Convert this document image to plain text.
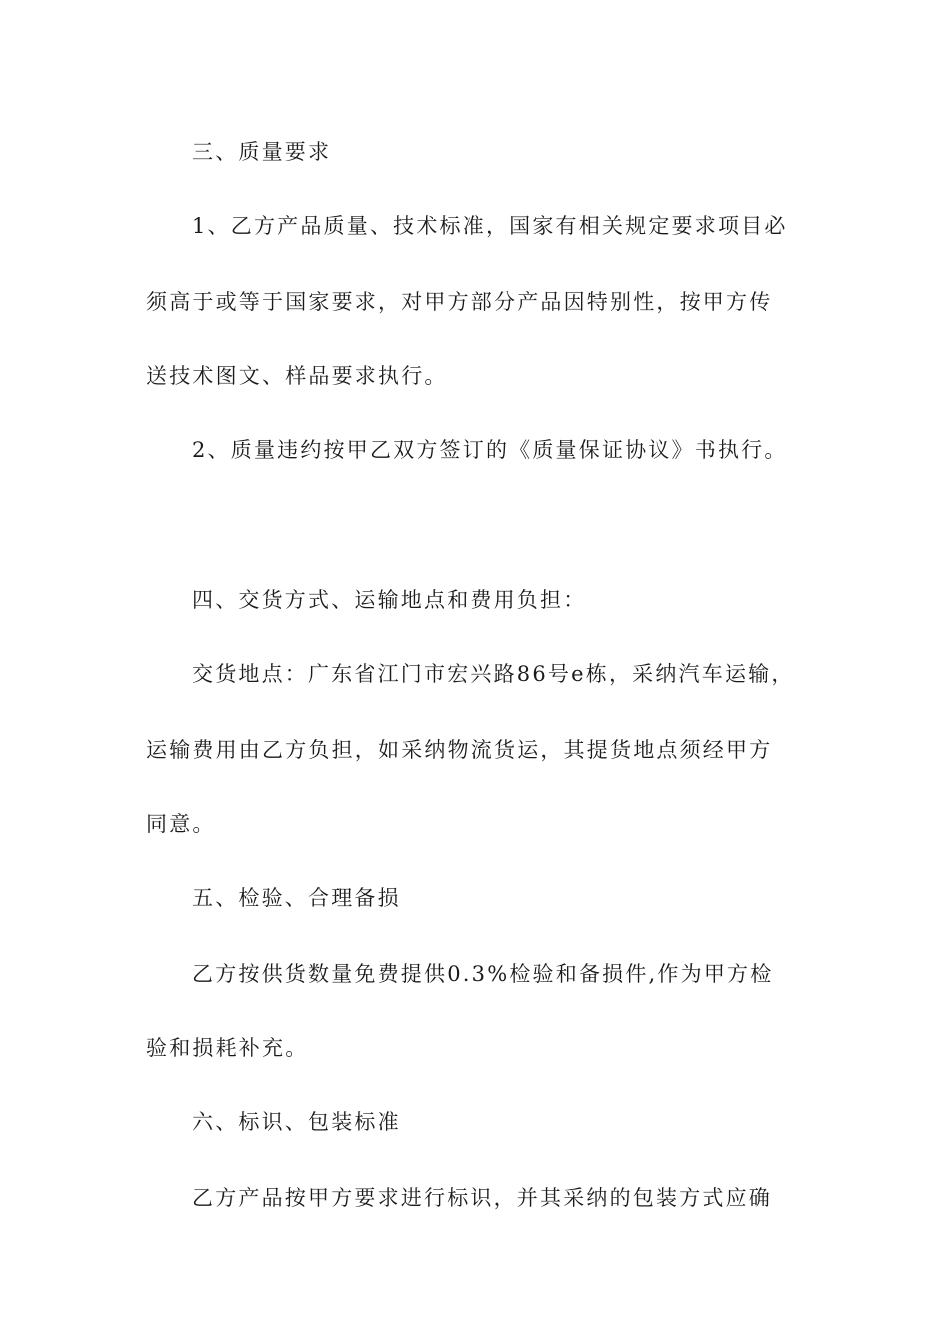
三、质量要求
1、乙方产品质量、技术标准，国家有相关规定要求项目必
须高于或等于国家要求，对甲方部分产品因特别性，按甲方传
送技术图文、样品要求执行。
2、质量违约按甲乙双方签订的《质量保证协议》书执行。
四、交货方式、运输地点和费用负担：
交货地点：广东省江门市宏兴路86号e栋，采纳汽车运输，
运输费用由乙方负担，如采纳物流货运，其提货地点须经甲方
同意。
五、检验、合理备损
乙方按供货数量免费提供0.3%检验和备损件,作为甲方检
验和损耗补充。
六、标识、包装标准
乙方产品按甲方要求进行标识，并其采纳的包装方式应确
